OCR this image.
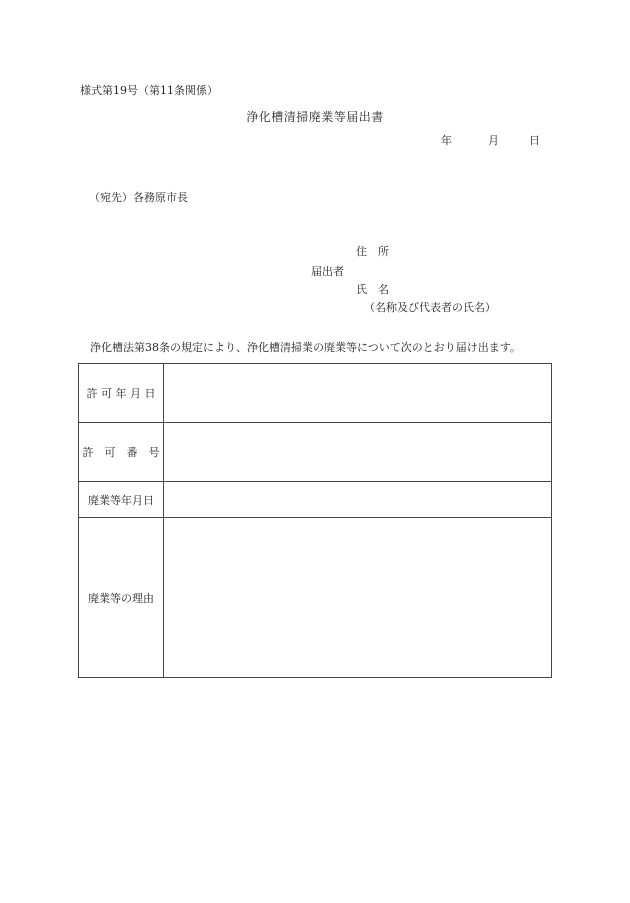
様式第19号（第11条関係）
浄化槽清掃廃業等届出書
年	月	日
（宛先）各務原市長
住　所
届出者
氏　名
（名称及び代表者の氏名）
浄化槽法第38条の規定により、浄化槽清掃業の廃業等について次のとおり届け出ます。
許 可 年 月 日	
許　可　番　号	
廃業等年月日	
廃業等の理由	
